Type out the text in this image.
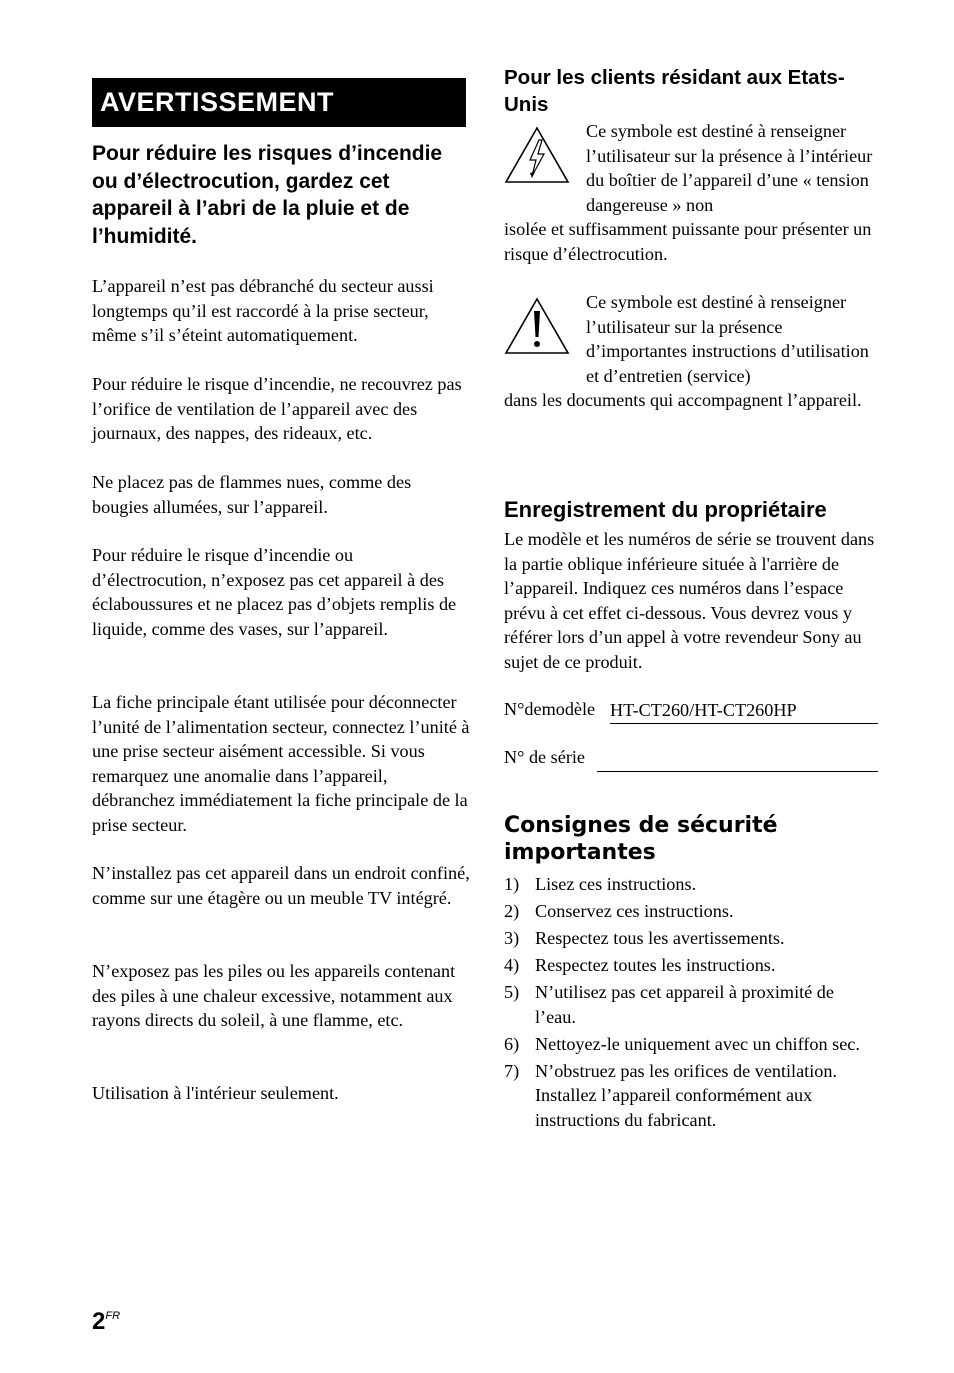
AVERTISSEMENT
Pour réduire les risques d’incendie ou d’électrocution, gardez cet appareil à l’abri de la pluie et de l’humidité.

L’appareil n’est pas débranché du secteur aussi longtemps qu’il est raccordé à la prise secteur, même s’il s’éteint automatiquement.

Pour réduire le risque d’incendie, ne recouvrez pas l’orifice de ventilation de l’appareil avec des journaux, des nappes, des rideaux, etc.

Ne placez pas de flammes nues, comme des bougies allumées, sur l’appareil.

Pour réduire le risque d’incendie ou d’électrocution, n’exposez pas cet appareil à des éclaboussures et ne placez pas d’objets remplis de liquide, comme des vases, sur l’appareil.

La fiche principale étant utilisée pour déconnecter l’unité de l’alimentation secteur, connectez l’unité à une prise secteur aisément accessible. Si vous remarquez une anomalie dans l’appareil, débranchez immédiatement la fiche principale de la prise secteur.

N’installez pas cet appareil dans un endroit confiné, comme sur une étagère ou un meuble TV intégré.

N’exposez pas les piles ou les appareils contenant des piles à une chaleur excessive, notamment aux rayons directs du soleil, à une flamme, etc.

Utilisation à l'intérieur seulement.

Pour les clients résidant aux Etats-Unis

Ce symbole est destiné à renseigner l’utilisateur sur la présence à l’intérieur du boîtier de l’appareil d’une « tension dangereuse » non

isolée et suffisamment puissante pour présenter un risque d’électrocution.

Ce symbole est destiné à renseigner l’utilisateur sur la présence d’importantes instructions d’utilisation et d’entretien (service)

dans les documents qui accompagnent l’appareil.

Enregistrement du propriétaire

Le modèle et les numéros de série se trouvent dans la partie oblique inférieure située à l'arrière de l’appareil. Indiquez ces numéros dans l’espace prévu à cet effet ci-dessous. Vous devrez vous y référer lors d’un appel à votre revendeur Sony au sujet de ce produit.

N°demodèle HT-CT260/HT-CT260HP
N° de série
Consignes de sécurité importantes
1) Lisez ces instructions.
2) Conservez ces instructions.
3) Respectez tous les avertissements.
4) Respectez toutes les instructions.
5) N’utilisez pas cet appareil à proximité de l’eau.
6) Nettoyez-le uniquement avec un chiffon sec.
7) N’obstruez pas les orifices de ventilation. Installez l’appareil conformément aux instructions du fabricant.
$2^{FR}$
